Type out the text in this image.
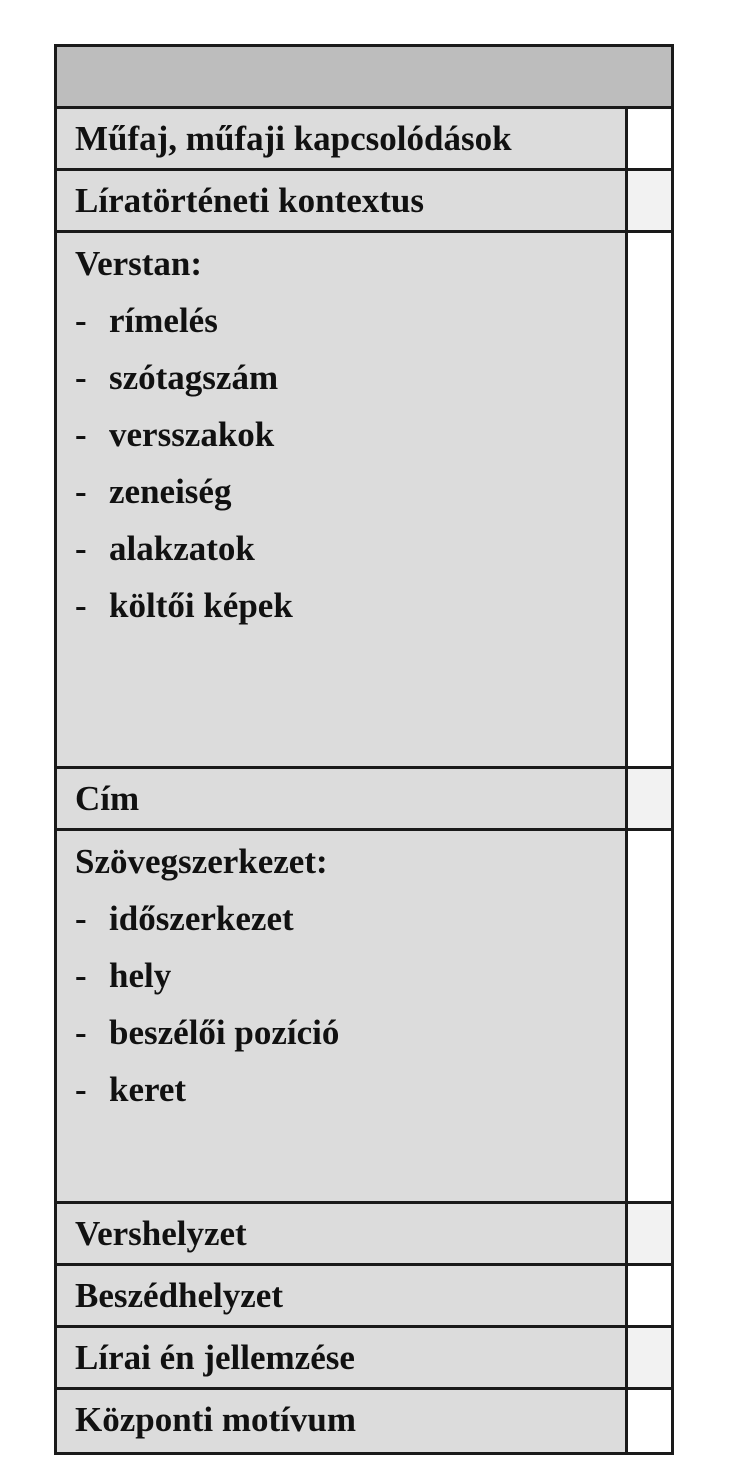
Műfaj, műfaji kapcsolódások
Líratörténeti kontextus
Verstan:
- rímelés
- szótagszám
- versszakok
- zeneiség
- alakzatok
- költői képek
Cím
Szövegszerkezet:
- időszerkezet
- hely
- beszélői pozíció
- keret
Vershelyzet
Beszédhelyzet
Lírai én jellemzése
Központi motívum
